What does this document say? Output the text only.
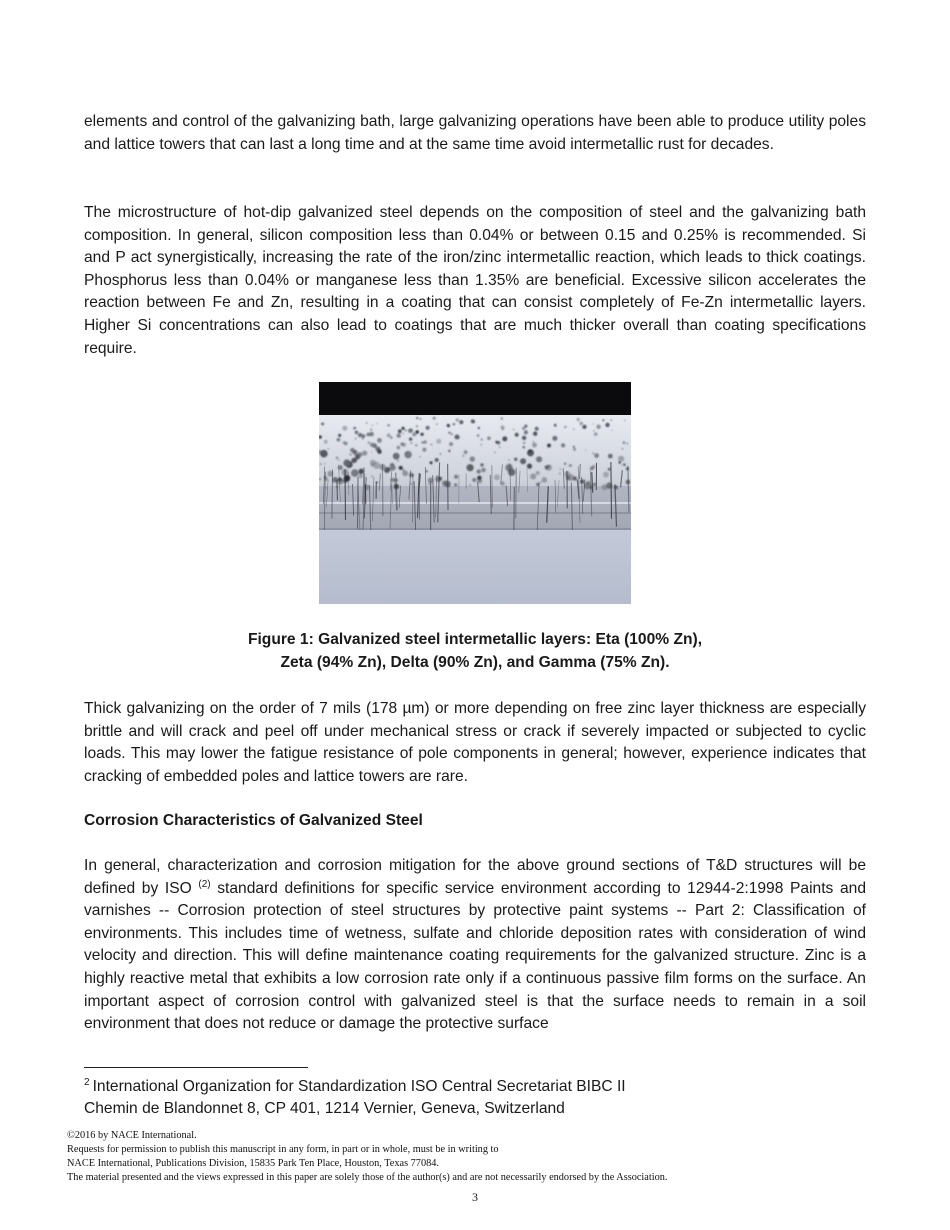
elements and control of the galvanizing bath, large galvanizing operations have been able to produce utility poles and lattice towers that can last a long time and at the same time avoid intermetallic rust for decades.

The microstructure of hot-dip galvanized steel depends on the composition of steel and the galvanizing bath composition. In general, silicon composition less than 0.04% or between 0.15 and 0.25% is recommended. Si and P act synergistically, increasing the rate of the iron/zinc intermetallic reaction, which leads to thick coatings. Phosphorus less than 0.04% or manganese less than 1.35% are beneficial. Excessive silicon accelerates the reaction between Fe and Zn, resulting in a coating that can consist completely of Fe-Zn intermetallic layers. Higher Si concentrations can also lead to coatings that are much thicker overall than coating specifications require.

Figure 1: Galvanized steel intermetallic layers: Eta (100% Zn),

Zeta (94% Zn), Delta (90% Zn), and Gamma (75% Zn).

Thick galvanizing on the order of 7 mils (178 µm) or more depending on free zinc layer thickness are especially brittle and will crack and peel off under mechanical stress or crack if severely impacted or subjected to cyclic loads. This may lower the fatigue resistance of pole components in general; however, experience indicates that cracking of embedded poles and lattice towers are rare.

Corrosion Characteristics of Galvanized Steel

In general, characterization and corrosion mitigation for the above ground sections of T&D structures will be defined by ISO $^{(2)}$ standard definitions for specific service environment according to 12944-2:1998 Paints and varnishes -- Corrosion protection of steel structures by protective paint systems -- Part 2: Classification of environments. This includes time of wetness, sulfate and chloride deposition rates with consideration of wind velocity and direction. This will define maintenance coating requirements for the galvanized structure. Zinc is a highly reactive metal that exhibits a low corrosion rate only if a continuous passive film forms on the surface. An important aspect of corrosion control with galvanized steel is that the surface needs to remain in a soil environment that does not reduce or damage the protective surface

$^2$ International Organization for Standardization ISO Central Secretariat BIBC II

Chemin de Blandonnet 8, CP 401, 1214 Vernier, Geneva, Switzerland

©2016 by NACE International.

Requests for permission to publish this manuscript in any form, in part or in whole, must be in writing to

NACE International, Publications Division, 15835 Park Ten Place, Houston, Texas 77084.

The material presented and the views expressed in this paper are solely those of the author(s) and are not necessarily endorsed by the Association.

3
